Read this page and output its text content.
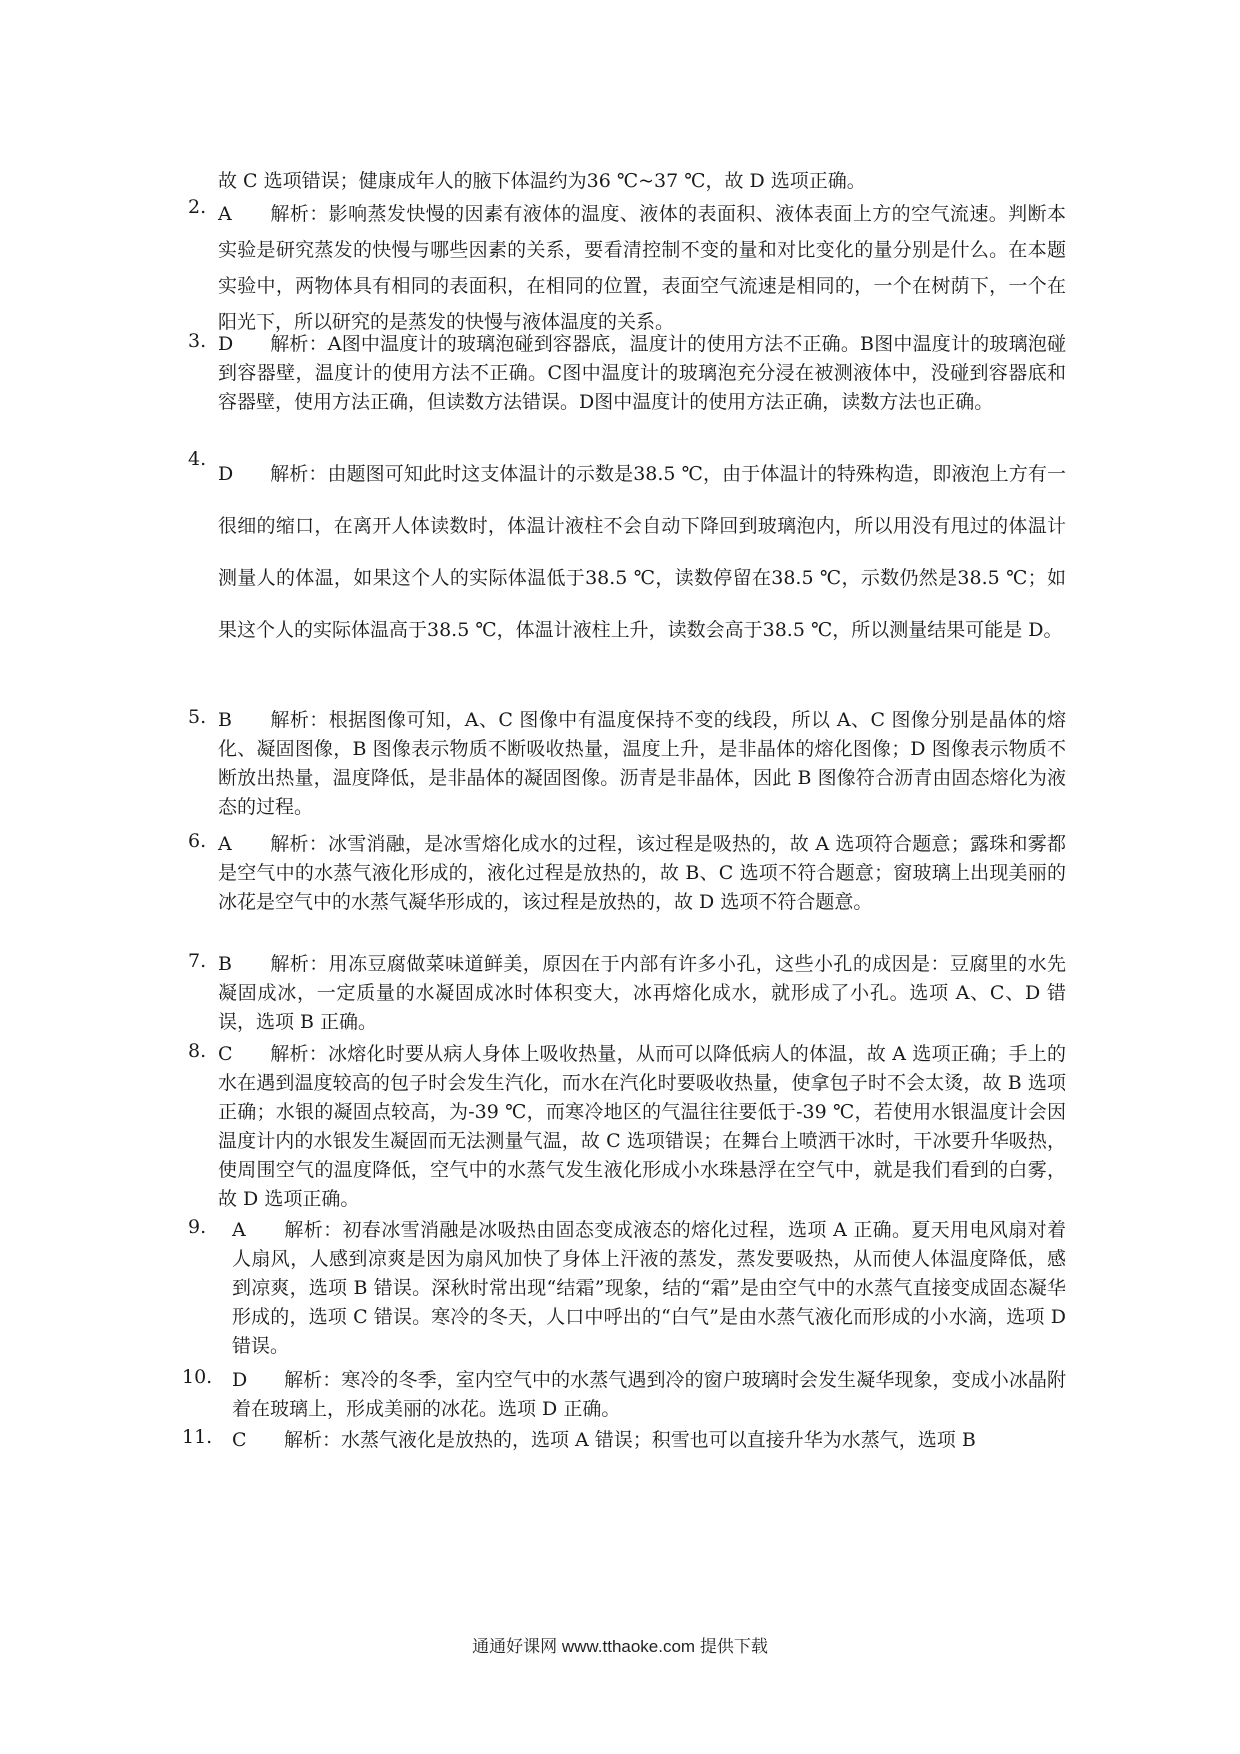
故 C 选项错误；健康成年人的腋下体温约为36 ℃~37 ℃，故 D 选项正确。
2. A 解析：影响蒸发快慢的因素有液体的温度、液体的表面积、液体表面上方的空气流速。判断本实验是研究蒸发的快慢与哪些因素的关系，要看清控制不变的量和对比变化的量分别是什么。在本题实验中，两物体具有相同的表面积，在相同的位置，表面空气流速是相同的，一个在树荫下，一个在阳光下，所以研究的是蒸发的快慢与液体温度的关系。
3. D 解析：A图中温度计的玻璃泡碰到容器底，温度计的使用方法不正确。B图中温度计的玻璃泡碰到容器壁，温度计的使用方法不正确。C图中温度计的玻璃泡充分浸在被测液体中，没碰到容器底和容器壁，使用方法正确，但读数方法错误。D图中温度计的使用方法正确，读数方法也正确。
4.
D 解析：由题图可知此时这支体温计的示数是38.5 ℃，由于体温计的特殊构造，即液泡上方有一很细的缩口，在离开人体读数时，体温计液柱不会自动下降回到玻璃泡内，所以用没有甩过的体温计测量人的体温，如果这个人的实际体温低于38.5 ℃，读数停留在38.5 ℃，示数仍然是38.5 ℃；如果这个人的实际体温高于38.5 ℃，体温计液柱上升，读数会高于38.5 ℃，所以测量结果可能是 D。
5. B 解析：根据图像可知，A、C 图像中有温度保持不变的线段，所以 A、C 图像分别是晶体的熔化、凝固图像，B 图像表示物质不断吸收热量，温度上升，是非晶体的熔化图像；D 图像表示物质不断放出热量，温度降低，是非晶体的凝固图像。沥青是非晶体，因此 B 图像符合沥青由固态熔化为液态的过程。
6. A 解析：冰雪消融，是冰雪熔化成水的过程，该过程是吸热的，故 A 选项符合题意；露珠和雾都是空气中的水蒸气液化形成的，液化过程是放热的，故 B、C 选项不符合题意；窗玻璃上出现美丽的冰花是空气中的水蒸气凝华形成的，该过程是放热的，故 D 选项不符合题意。
7. B 解析：用冻豆腐做菜味道鲜美，原因在于内部有许多小孔，这些小孔的成因是：豆腐里的水先凝固成冰，一定质量的水凝固成冰时体积变大，冰再熔化成水，就形成了小孔。选项 A、C、D 错误，选项 B 正确。
8. C 解析：冰熔化时要从病人身体上吸收热量，从而可以降低病人的体温，故 A 选项正确；手上的水在遇到温度较高的包子时会发生汽化，而水在汽化时要吸收热量，使拿包子时不会太烫，故 B 选项正确；水银的凝固点较高，为-39 ℃，而寒冷地区的气温往往要低于-39 ℃，若使用水银温度计会因温度计内的水银发生凝固而无法测量气温，故 C 选项错误；在舞台上喷洒干冰时，干冰要升华吸热，使周围空气的温度降低，空气中的水蒸气发生液化形成小水珠悬浮在空气中，就是我们看到的白雾，故 D 选项正确。
9.	A 解析：初春冰雪消融是冰吸热由固态变成液态的熔化过程，选项 A 正确。夏天用电风扇对着人扇风，人感到凉爽是因为扇风加快了身体上汗液的蒸发，蒸发要吸热，从而使人体温度降低，感到凉爽，选项 B 错误。深秋时常出现“结霜”现象，结的“霜”是由空气中的水蒸气直接变成固态凝华形成的，选项 C 错误。寒冷的冬天，人口中呼出的“白气”是由水蒸气液化而形成的小水滴，选项 D 错误。
10.	D 解析：寒冷的冬季，室内空气中的水蒸气遇到冷的窗户玻璃时会发生凝华现象，变成小冰晶附着在玻璃上，形成美丽的冰花。选项 D 正确。
11.	C 解析：水蒸气液化是放热的，选项 A 错误；积雪也可以直接升华为水蒸气，选项 B
通通好课网 www.tthaoke.com 提供下载
